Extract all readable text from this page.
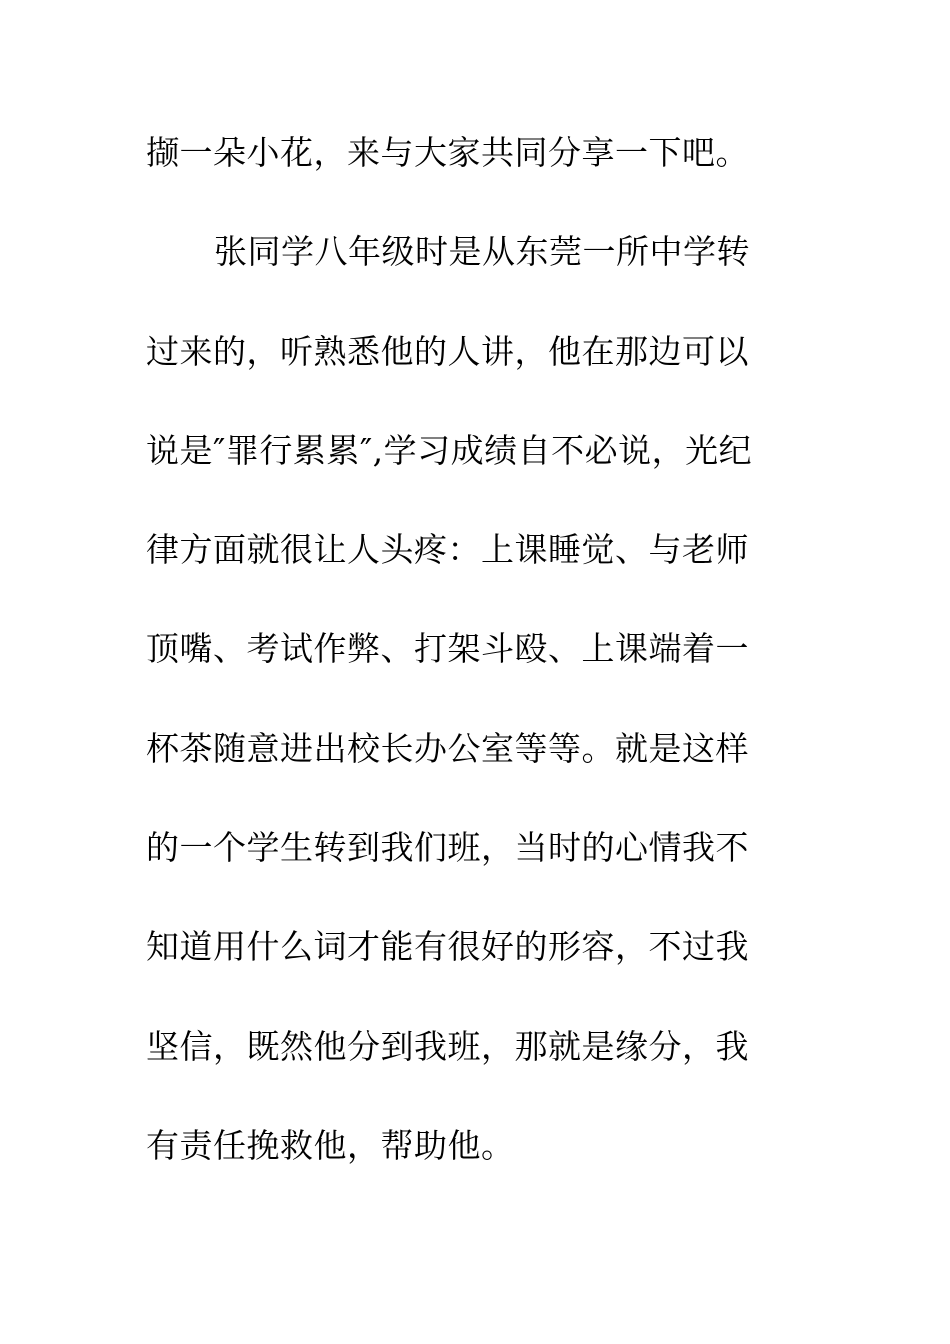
撷一朵小花，来与大家共同分享一下吧。
张同学八年级时是从东莞一所中学转
过来的，听熟悉他的人讲，他在那边可以
说是″罪行累累″,学习成绩自不必说，光纪
律方面就很让人头疼：上课睡觉、与老师
顶嘴、考试作弊、打架斗殴、上课端着一
杯茶随意进出校长办公室等等。就是这样
的一个学生转到我们班，当时的心情我不
知道用什么词才能有很好的形容，不过我
坚信，既然他分到我班，那就是缘分，我
有责任挽救他，帮助他。
